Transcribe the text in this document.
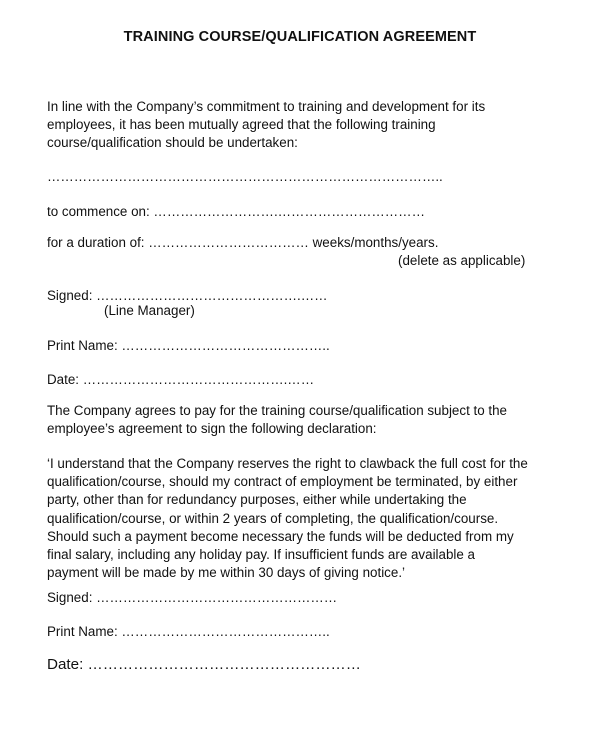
TRAINING COURSE/QUALIFICATION AGREEMENT
In line with the Company’s commitment to training and development for its
employees, it has been mutually agreed that the following training
course/qualification should be undertaken:
……………………………………………………………………………..
to commence on: ……………………….……………………………
for a duration of: ……………………………… weeks/months/years.
(delete as applicable)
Signed: ……………………………………….……
(Line Manager)
Print Name: ………………………………………..
Date: ……………………………………….……
The Company agrees to pay for the training course/qualification subject to the
employee’s agreement to sign the following declaration:
‘I understand that the Company reserves the right to clawback the full cost for the
qualification/course, should my contract of employment be terminated, by either
party, other than for redundancy purposes, either while undertaking the
qualification/course, or within 2 years of completing, the qualification/course.
Should such a payment become necessary the funds will be deducted from my
final salary, including any holiday pay. If insufficient funds are available a
payment will be made by me within 30 days of giving notice.’
Signed: ………………………………………………
Print Name: ………………………………………..
Date: ………………………………………………
